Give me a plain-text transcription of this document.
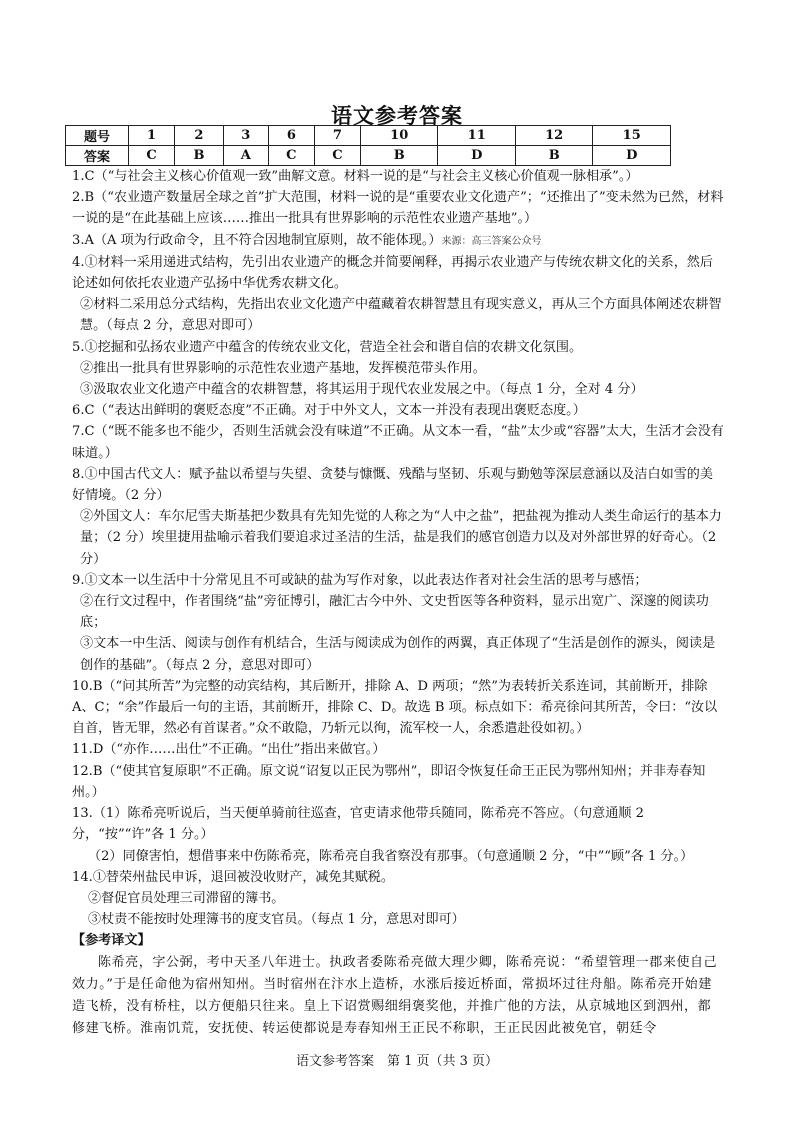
语文参考答案
题号	1	2	3	6	7	10	11	12	15
答案	C	B	A	C	C	B	D	B	D

1.C（“与社会主义核心价值观一致”曲解文意。材料一说的是“与社会主义核心价值观一脉相承”。）

2.B（“农业遗产数量居全球之首”扩大范围，材料一说的是“重要农业文化遗产”；“还推出了”变未然为已然，材料一说的是“在此基础上应该……推出一批具有世界影响的示范性农业遗产基地”。）

3.A（A 项为行政命令，且不符合因地制宜原则，故不能体现。）来源：高三答案公众号

4.①材料一采用递进式结构，先引出农业遗产的概念并简要阐释，再揭示农业遗产与传统农耕文化的关系，然后论述如何依托农业遗产弘扬中华优秀农耕文化。

②材料二采用总分式结构，先指出农业文化遗产中蕴藏着农耕智慧且有现实意义，再从三个方面具体阐述农耕智慧。（每点 2 分，意思对即可）

5.①挖掘和弘扬农业遗产中蕴含的传统农业文化，营造全社会和谐自信的农耕文化氛围。

②推出一批具有世界影响的示范性农业遗产基地，发挥模范带头作用。

③汲取农业文化遗产中蕴含的农耕智慧，将其运用于现代农业发展之中。（每点 1 分，全对 4 分）

6.C（“表达出鲜明的褒贬态度”不正确。对于中外文人，文本一并没有表现出褒贬态度。）

7.C（“既不能多也不能少，否则生活就会没有味道”不正确。从文本一看，“盐”太少或“容器”太大，生活才会没有味道。）

8.①中国古代文人：赋予盐以希望与失望、贪婪与慷慨、残酷与坚韧、乐观与勤勉等深层意涵以及洁白如雪的美好情境。（2 分）

②外国文人：车尔尼雪夫斯基把少数具有先知先觉的人称之为“人中之盐”，把盐视为推动人类生命运行的基本力量；（2 分）埃里捷用盐喻示着我们要追求过圣洁的生活，盐是我们的感官创造力以及对外部世界的好奇心。（2 分）

9.①文本一以生活中十分常见且不可或缺的盐为写作对象，以此表达作者对社会生活的思考与感悟；

②在行文过程中，作者围绕“盐”旁征博引，融汇古今中外、文史哲医等各种资料，显示出宽广、深邃的阅读功底；

③文本一中生活、阅读与创作有机结合，生活与阅读成为创作的两翼，真正体现了“生活是创作的源头，阅读是创作的基础”。（每点 2 分，意思对即可）

10.B（“问其所苦”为完整的动宾结构，其后断开，排除 A、D 两项；“然”为表转折关系连词，其前断开，排除 A、C；“余”作最后一句的主语，其前断开，排除 C、D。故选 B 项。标点如下：希亮徐问其所苦，令曰：“汝以自首，皆无罪，然必有首谋者。”众不敢隐，乃斩元以徇，流军校一人，余悉遣赴役如初。）

11.D（“亦作……出仕”不正确。“出仕”指出来做官。）

12.B（“使其官复原职”不正确。原文说“诏复以正民为鄂州”，即诏令恢复任命王正民为鄂州知州；并非寿春知州。）

13.（1）陈希亮听说后，当天便单骑前往巡查，官吏请求他带兵随同，陈希亮不答应。（句意通顺 2 分，“按”“许”各 1 分。）

（2）同僚害怕，想借事来中伤陈希亮，陈希亮自我省察没有那事。（句意通顺 2 分，“中”“顾”各 1 分。）

14.①替荣州盐民申诉，退回被没收财产，减免其赋税。

②督促官员处理三司滞留的簿书。

③杖责不能按时处理簿书的度支官员。（每点 1 分，意思对即可）

【参考译文】

陈希亮，字公弼，考中天圣八年进士。执政者委陈希亮做大理少卿，陈希亮说：“希望管理一郡来使自己效力。”于是任命他为宿州知州。当时宿州在汴水上造桥，水涨后接近桥面，常损坏过往舟船。陈希亮开始建造飞桥，没有桥柱，以方便船只往来。皇上下诏赏赐细绢褒奖他，并推广他的方法，从京城地区到泗州，都修建飞桥。淮南饥荒，安抚使、转运使都说是寿春知州王正民不称职，王正民因此被免官，朝廷令

语文参考答案　第 1 页（共 3 页）
